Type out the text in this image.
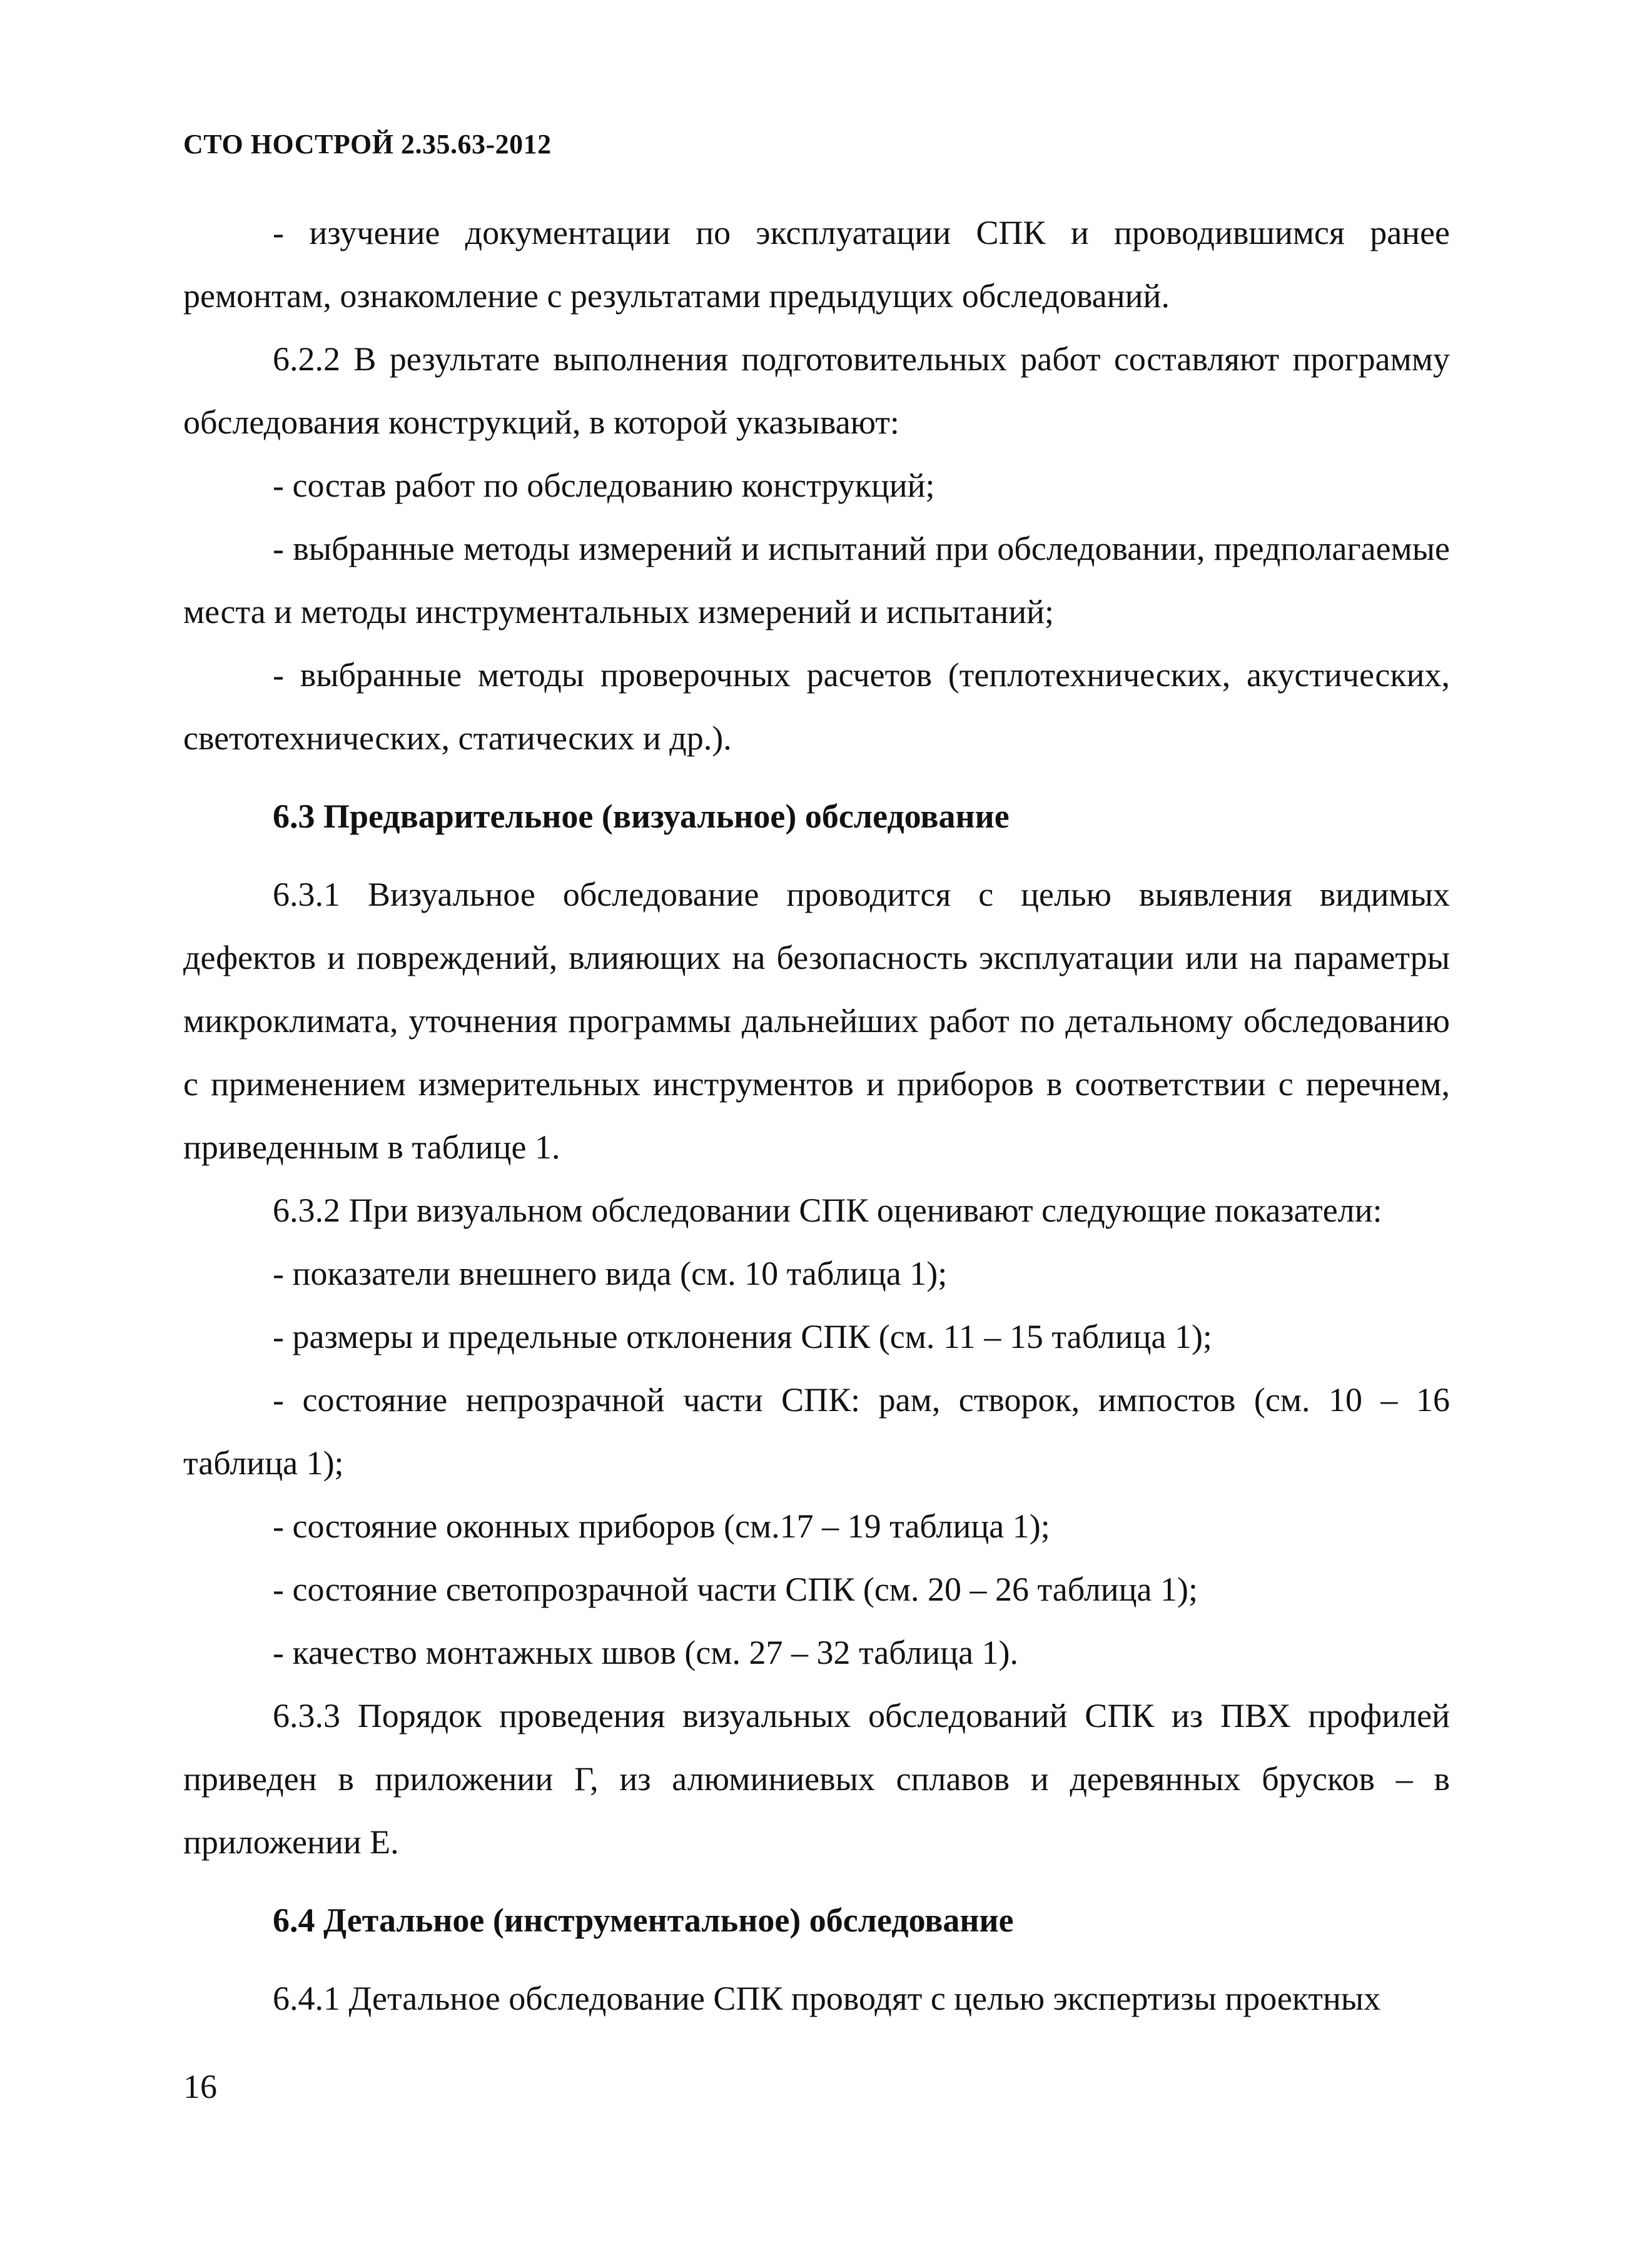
СТО НОСТРОЙ 2.35.63-2012

- изучение документации по эксплуатации СПК и проводившимся ранее ремонтам, ознакомление с результатами предыдущих обследований.

6.2.2 В результате выполнения подготовительных работ составляют программу обследования конструкций, в которой указывают:

- состав работ по обследованию конструкций;

- выбранные методы измерений и испытаний при обследовании, предполагаемые места и методы инструментальных измерений и испытаний;

- выбранные методы проверочных расчетов (теплотехнических, акустических, светотехнических, статических и др.).

6.3 Предварительное (визуальное) обследование

6.3.1 Визуальное обследование проводится с целью выявления видимых дефектов и повреждений, влияющих на безопасность эксплуатации или на параметры микроклимата, уточнения программы дальнейших работ по детальному обследованию с применением измерительных инструментов и приборов в соответствии с перечнем, приведенным в таблице 1.

6.3.2 При визуальном обследовании СПК оценивают следующие показатели:

- показатели внешнего вида (см. 10 таблица 1);

- размеры и предельные отклонения СПК (см. 11 – 15 таблица 1);

- состояние непрозрачной части СПК: рам, створок, импостов (см. 10 – 16 таблица 1);

- состояние оконных приборов (см.17 – 19 таблица 1);

- состояние светопрозрачной части СПК (см. 20 – 26 таблица 1);

- качество монтажных швов (см. 27 – 32 таблица 1).

6.3.3 Порядок проведения визуальных обследований СПК из ПВХ профилей приведен в приложении Г, из алюминиевых сплавов и деревянных брусков – в приложении Е.

6.4 Детальное (инструментальное) обследование

6.4.1 Детальное обследование СПК проводят с целью экспертизы проектных

16
